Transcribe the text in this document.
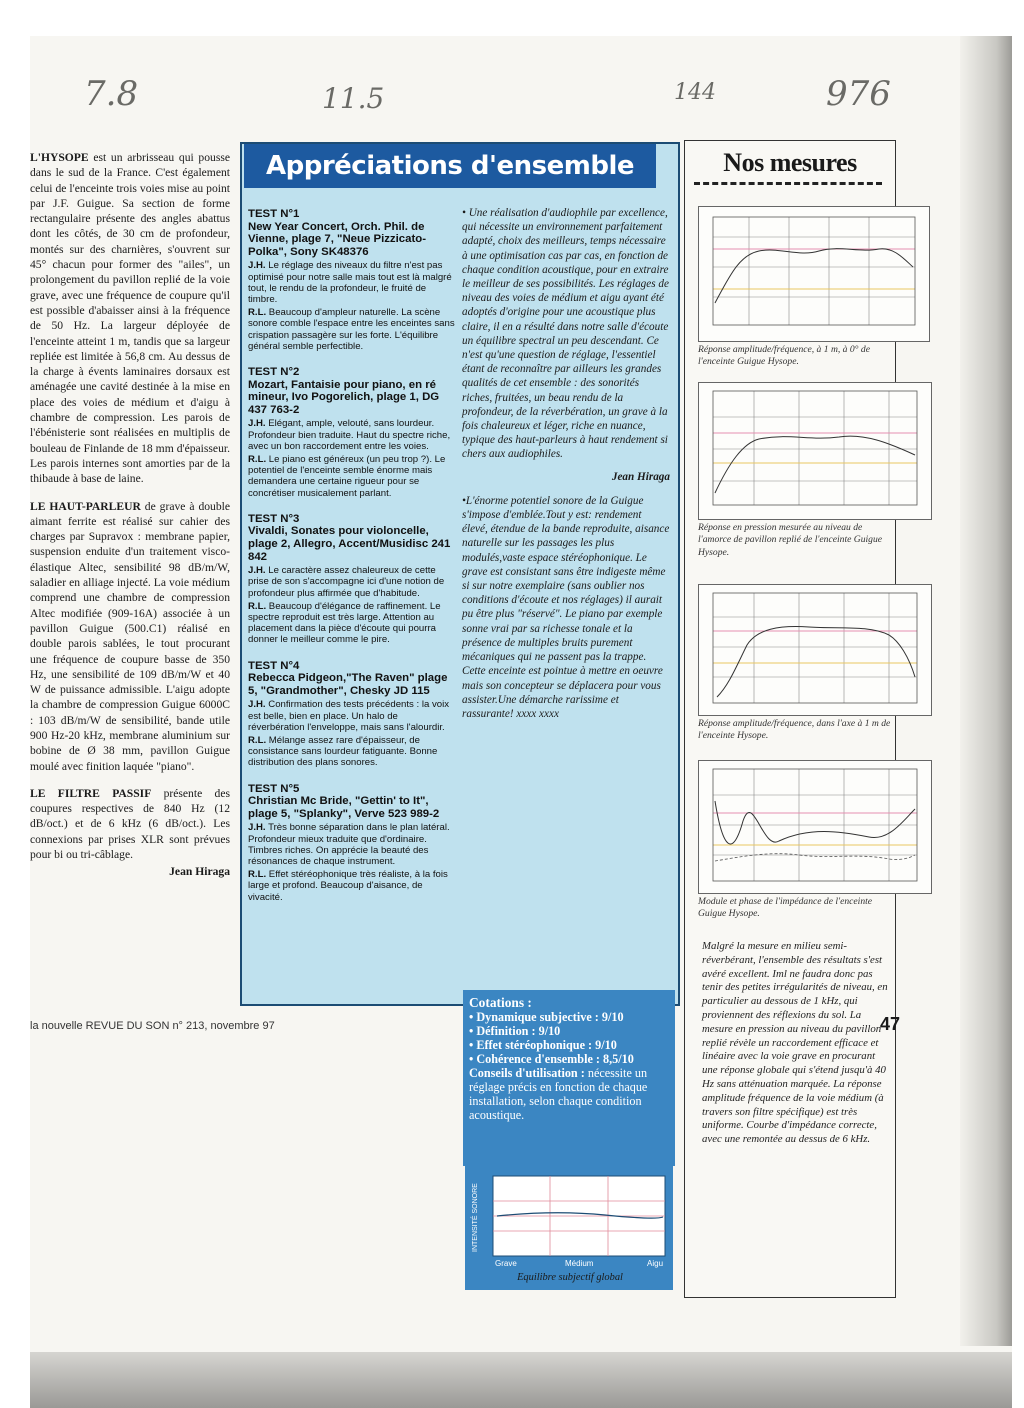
7.8	11.5	144	976

L'HYSOPE est un arbrisseau qui pousse dans le sud de la France. C'est également celui de l'enceinte trois voies mise au point par J.F. Guigue. Sa section de forme rectangulaire présente des angles abattus dont les côtés, de 30 cm de profondeur, montés sur des charnières, s'ouvrent sur 45° chacun pour former des "ailes", un prolongement du pavillon replié de la voie grave, avec une fréquence de coupure qu'il est possible d'abaisser ainsi à la fréquence de 50 Hz. La largeur déployée de l'enceinte atteint 1 m, tandis que sa largeur repliée est limitée à 56,8 cm. Au dessus de la charge à évents laminaires dorsaux est aménagée une cavité destinée à la mise en place des voies de médium et d'aigu à chambre de compression. Les parois de l'ébénisterie sont réalisées en multiplis de bouleau de Finlande de 18 mm d'épaisseur. Les parois internes sont amorties par de la thibaude à base de laine.

LE HAUT-PARLEUR de grave à double aimant ferrite est réalisé sur cahier des charges par Supravox : membrane papier, suspension enduite d'un traitement visco-élastique Altec, sensibilité 98 dB/m/W, saladier en alliage injecté. La voie médium comprend une chambre de compression Altec modifiée (909-16A) associée à un pavillon Guigue (500.C1) réalisé en double parois sablées, le tout procurant une fréquence de coupure basse de 350 Hz, une sensibilité de 109 dB/m/W et 40 W de puissance admissible. L'aigu adopte la chambre de compression Guigue 6000C : 103 dB/m/W de sensibilité, bande utile 900 Hz-20 kHz, membrane aluminium sur bobine de Ø 38 mm, pavillon Guigue moulé avec finition laquée "piano".

LE FILTRE PASSIF présente des coupures respectives de 840 Hz (12 dB/oct.) et de 6 kHz (6 dB/oct.). Les connexions par prises XLR sont prévues pour bi ou tri-câblage.

Jean Hiraga
Appréciations d'ensemble
TEST N°1
New Year Concert, Orch. Phil. de Vienne, plage 7, "Neue Pizzicato-Polka", Sony SK48376
J.H. Le réglage des niveaux du filtre n'est pas optimisé pour notre salle mais tout est là malgré tout, le rendu de la profondeur, le fruité de timbre.
R.L. Beaucoup d'ampleur naturelle. La scène sonore comble l'espace entre les enceintes sans crispation passagère sur les forte. L'équilibre général semble perfectible.
TEST N°2
Mozart, Fantaisie pour piano, en ré mineur, Ivo Pogorelich, plage 1, DG 437 763-2
J.H. Elégant, ample, velouté, sans lourdeur. Profondeur bien traduite. Haut du spectre riche, avec un bon raccordement entre les voies.
R.L. Le piano est généreux (un peu trop ?). Le potentiel de l'enceinte semble énorme mais demandera une certaine rigueur pour se concrétiser musicalement parlant.
TEST N°3
Vivaldi, Sonates pour violoncelle, plage 2, Allegro, Accent/Musidisc 241 842
J.H. Le caractère assez chaleureux de cette prise de son s'accompagne ici d'une notion de profondeur plus affirmée que d'habitude.
R.L. Beaucoup d'élégance de raffinement. Le spectre reproduit est très large. Attention au placement dans la pièce d'écoute qui pourra donner le meilleur comme le pire.
TEST N°4
Rebecca Pidgeon,"The Raven" plage 5, "Grandmother", Chesky JD 115
J.H. Confirmation des tests précédents : la voix est belle, bien en place. Un halo de réverbération l'enveloppe, mais sans l'alourdir.
R.L. Mélange assez rare d'épaisseur, de consistance sans lourdeur fatiguante. Bonne distribution des plans sonores.
TEST N°5
Christian Mc Bride, "Gettin' to It", plage 5, "Splanky", Verve 523 989-2
J.H. Très bonne séparation dans le plan latéral. Profondeur mieux traduite que d'ordinaire. Timbres riches. On apprécie la beauté des résonances de chaque instrument.
R.L. Effet stéréophonique très réaliste, à la fois large et profond. Beaucoup d'aisance, de vivacité.

• Une réalisation d'audiophile par excellence, qui nécessite un environnement parfaitement adapté, choix des meilleurs, temps nécessaire à une optimisation cas par cas, en fonction de chaque condition acoustique, pour en extraire le meilleur de ses possibilités. Les réglages de niveau des voies de médium et aigu ayant été adoptés d'origine pour une acoustique plus claire, il en a résulté dans notre salle d'écoute un équilibre spectral un peu descendant. Ce n'est qu'une question de réglage, l'essentiel étant de reconnaître par ailleurs les grandes qualités de cet ensemble : des sonorités riches, fruitées, un beau rendu de la profondeur, de la réverbération, un grave à la fois chaleureux et léger, riche en nuance, typique des haut-parleurs à haut rendement si chers aux audiophiles.

Jean Hiraga

•L'énorme potentiel sonore de la Guigue s'impose d'emblée.Tout y est: rendement élevé, étendue de la bande reproduite, aisance naturelle sur les passages les plus modulés,vaste espace stéréophonique. Le grave est consistant sans être indigeste même si sur notre exemplaire (sans oublier nos conditions d'écoute et nos réglages) il aurait pu être plus "réservé". Le piano par exemple sonne vrai par sa richesse tonale et la présence de multiples bruits purement mécaniques qui ne passent pas la trappe. Cette enceinte est pointue à mettre en oeuvre mais son concepteur se déplacera pour vous assister.Une démarche rarissime et rassurante! xxxx xxxx

Cotations :
• Dynamique subjective : 9/10
• Définition : 9/10
• Effet stéréophonique : 9/10
• Cohérence d'ensemble : 8,5/10
Conseils d'utilisation : nécessite un réglage précis en fonction de chaque installation, selon chaque condition acoustique.
INTENSITÉ SONORE
Grave	Médium	Aigu
Equilibre subjectif global
Nos mesures
Réponse amplitude/fréquence, à 1 m, à 0° de l'enceinte Guigue Hysope.
Réponse en pression mesurée au niveau de l'amorce de pavillon replié de l'enceinte Guigue Hysope.
Réponse amplitude/fréquence, dans l'axe à 1 m de l'enceinte Hysope.
Module et phase de l'impédance de l'enceinte Guigue Hysope.
Malgré la mesure en milieu semi-réverbérant, l'ensemble des résultats s'est avéré excellent. Iml ne faudra donc pas tenir des petites irrégularités de niveau, en particulier au dessous de 1 kHz, qui proviennent des réflexions du sol. La mesure en pression au niveau du pavillon replié révèle un raccordement efficace et linéaire avec la voie grave en procurant une réponse globale qui s'étend jusqu'à 40 Hz sans atténuation marquée. La réponse amplitude fréquence de la voie médium (à travers son filtre spécifique) est très uniforme. Courbe d'impédance correcte, avec une remontée au dessus de 6 kHz.
la nouvelle REVUE DU SON n° 213, novembre 97	47
